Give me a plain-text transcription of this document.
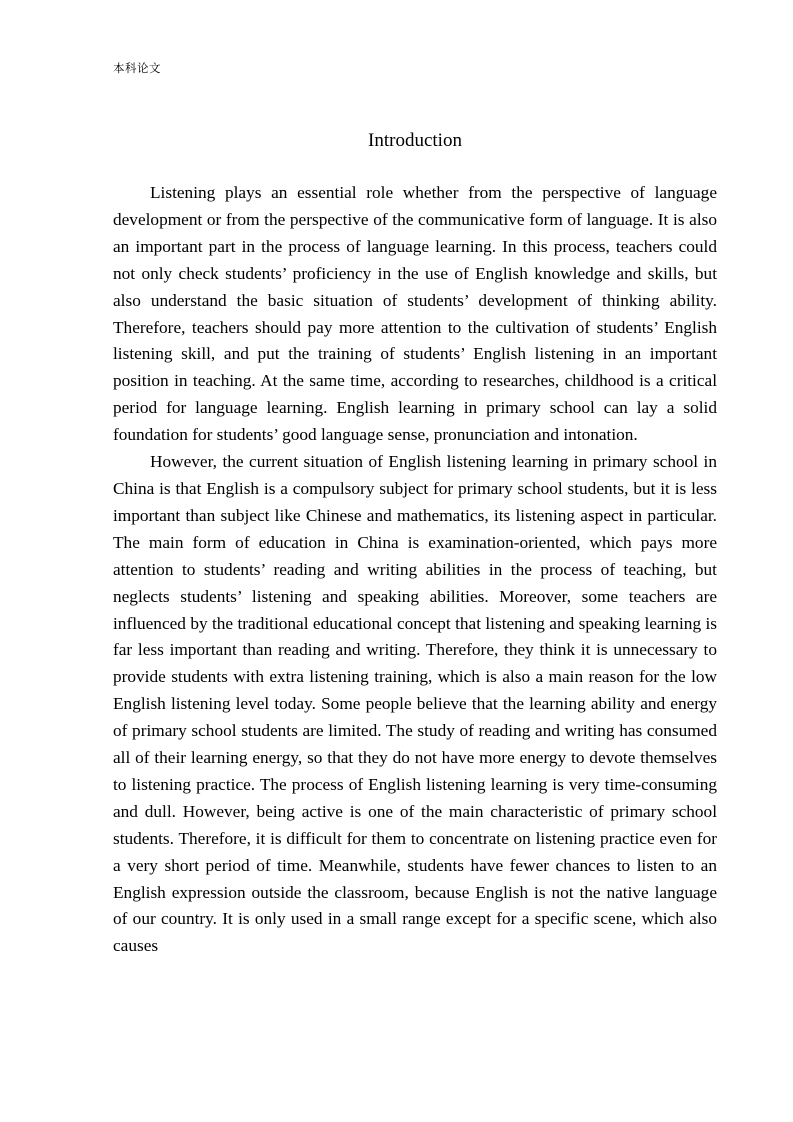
本科论文
Introduction

Listening plays an essential role whether from the perspective of language development or from the perspective of the communicative form of language. It is also an important part in the process of language learning. In this process, teachers could not only check students’ proficiency in the use of English knowledge and skills, but also understand the basic situation of students’ development of thinking ability. Therefore, teachers should pay more attention to the cultivation of students’ English listening skill, and put the training of students’ English listening in an important position in teaching. At the same time, according to researches, childhood is a critical period for language learning. English learning in primary school can lay a solid foundation for students’ good language sense, pronunciation and intonation.

However, the current situation of English listening learning in primary school in China is that English is a compulsory subject for primary school students, but it is less important than subject like Chinese and mathematics, its listening aspect in particular. The main form of education in China is examination-oriented, which pays more attention to students’ reading and writing abilities in the process of teaching, but neglects students’ listening and speaking abilities. Moreover, some teachers are influenced by the traditional educational concept that listening and speaking learning is far less important than reading and writing. Therefore, they think it is unnecessary to provide students with extra listening training, which is also a main reason for the low English listening level today. Some people believe that the learning ability and energy of primary school students are limited. The study of reading and writing has consumed all of their learning energy, so that they do not have more energy to devote themselves to listening practice. The process of English listening learning is very time-consuming and dull. However, being active is one of the main characteristic of primary school students. Therefore, it is difficult for them to concentrate on listening practice even for a very short period of time. Meanwhile, students have fewer chances to listen to an English expression outside the classroom, because English is not the native language of our country. It is only used in a small range except for a specific scene, which also causes
